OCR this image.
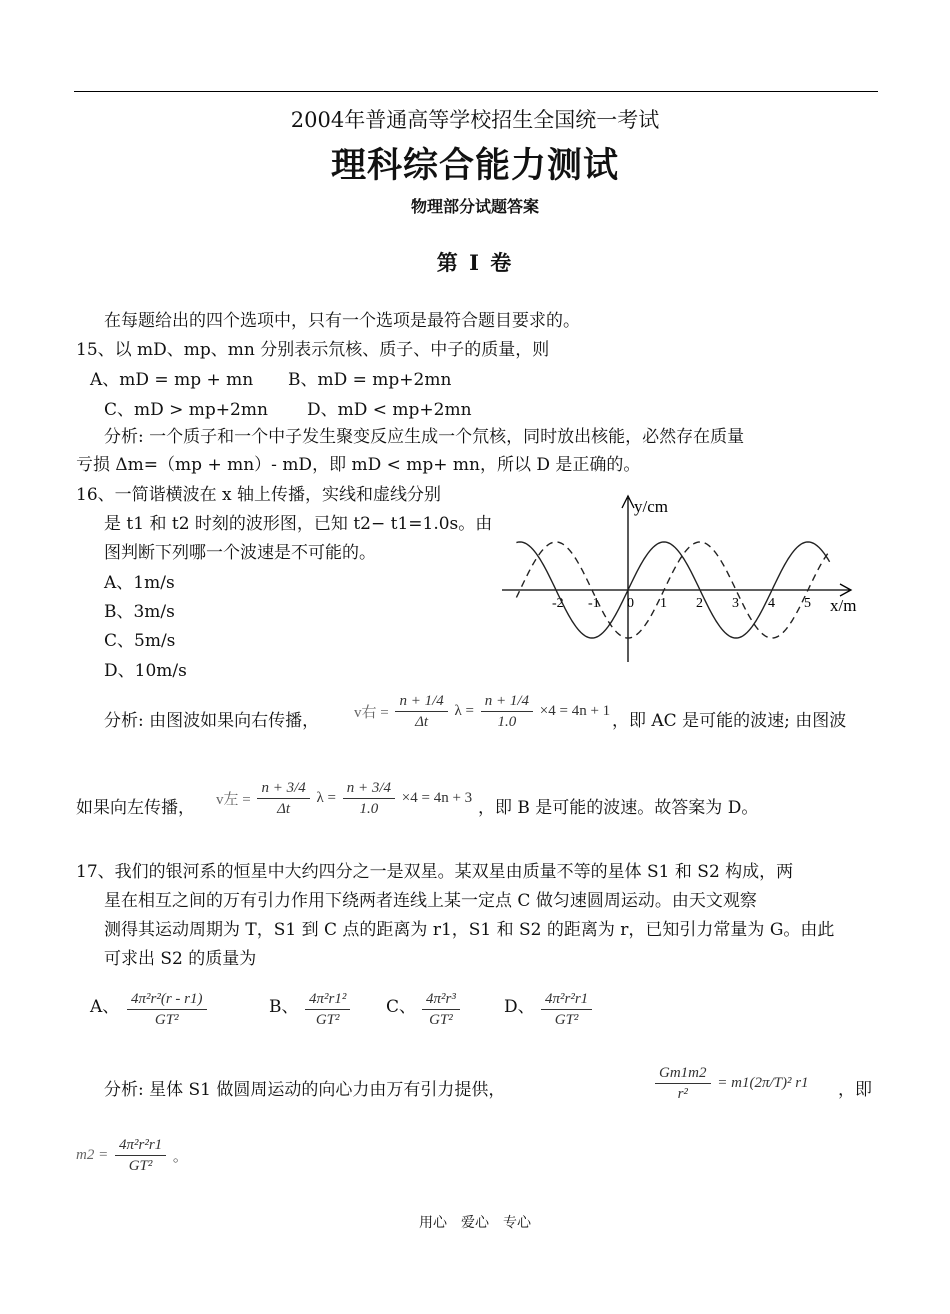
2004年普通高等学校招生全国统一考试
理科综合能力测试
物理部分试题答案
第 I 卷
在每题给出的四个选项中，只有一个选项是最符合题目要求的。
15、以 mD、mp、mn 分别表示氘核、质子、中子的质量，则
A、mD = mp + mn B、mD = mp+2mn
C、mD > mp+2mn D、mD < mp+2mn
分析: 一个质子和一个中子发生聚变反应生成一个氘核，同时放出核能，必然存在质量
亏损 Δm=（mp + mn）- mD，即 mD < mp+ mn，所以 D 是正确的。
16、一简谐横波在 x 轴上传播，实线和虚线分别
是 t1 和 t2 时刻的波形图，已知 t2− t1=1.0s。由
图判断下列哪一个波速是不可能的。
A、1m/s
B、3m/s
C、5m/s
D、10m/s
y/cm
x/m
-2 -1 0 1 2 3 4 5
分析: 由图波如果向右传播， v右 = $\frac{n + 1/4}{\Delta t}$ $\lambda = \frac{n + 1/4}{1.0} \times 4 = 4n + 1$ ，即 AC 是可能的波速; 由图波
如果向左传播， v左 = $\frac{n + 3/4}{\Delta t}$ $\lambda = \frac{n + 3/4}{1.0} \times 4 = 4n + 3$ ，即 B 是可能的波速。故答案为 D。
17、我们的银河系的恒星中大约四分之一是双星。某双星由质量不等的星体 S1 和 S2 构成，两
星在相互之间的万有引力作用下绕两者连线上某一定点 C 做匀速圆周运动。由天文观察
测得其运动周期为 T，S1 到 C 点的距离为 r1，S1 和 S2 的距离为 r，已知引力常量为 G。由此
可求出 S2 的质量为
A、 $\frac{\text{4π²r²(r - r1)}}{\text{GT²}}$	B、 $\frac{\text{4π²r1²}}{\text{GT²}}$ C、 $\frac{\text{4π²r³}}{\text{GT²}}$	D、 $\frac{\text{4π²r²r1}}{\text{GT²}}$
分析: 星体 S1 做圆周运动的向心力由万有引力提供，	$\frac{Gm1m2}{\text{r²}} = m1(2\pi/T)^2$ r1 ，即
$m2 = \frac{\text{4π²r²r1}}{\text{GT²}}$ 。
用心　爱心　专心
